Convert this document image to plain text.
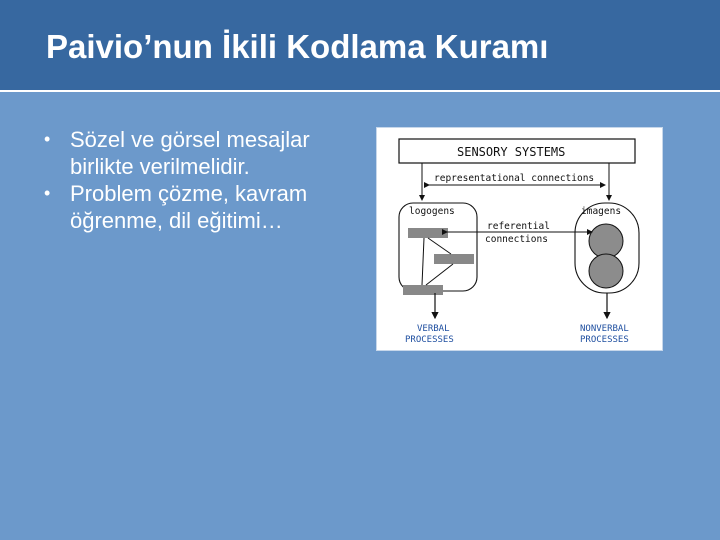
Paivio’nun İkili Kodlama Kuramı
• Sözel ve görsel mesajlar birlikte verilmelidir.
• Problem çözme, kavram öğrenme, dil eğitimi…
SENSORY SYSTEMS
representational connections
logogens	imagens
referential
connections
VERBAL
PROCESSES
NONVERBAL
PROCESSES
